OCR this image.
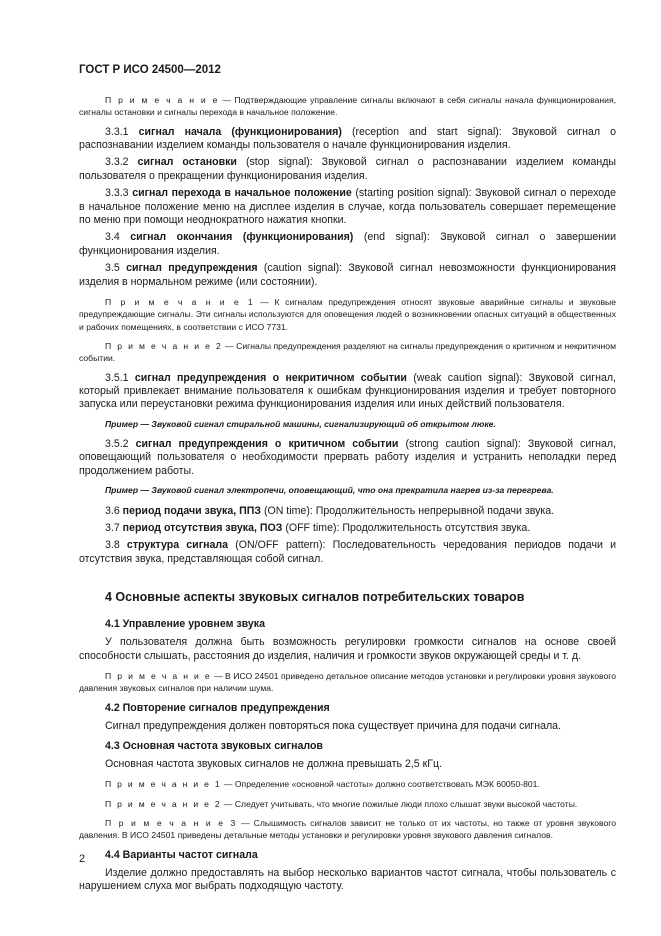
ГОСТ Р ИСО 24500—2012

П р и м е ч а н и е — Подтверждающие управление сигналы включают в себя сигналы начала функционирования, сигналы остановки и сигналы перехода в начальное положение.

3.3.1 сигнал начала (функционирования) (reception and start signal): Звуковой сигнал о распознавании изделием команды пользователя о начале функционирования изделия.

3.3.2 сигнал остановки (stop signal): Звуковой сигнал о распознавании изделием команды пользователя о прекращении функционирования изделия.

3.3.3 сигнал перехода в начальное положение (starting position signal): Звуковой сигнал о переходе в начальное положение меню на дисплее изделия в случае, когда пользователь совершает перемещение по меню при помощи неоднократного нажатия кнопки.

3.4 сигнал окончания (функционирования) (end signal): Звуковой сигнал о завершении функционирования изделия.

3.5 сигнал предупреждения (caution signal): Звуковой сигнал невозможности функционирования изделия в нормальном режиме (или состоянии).

П р и м е ч а н и е 1 — К сигналам предупреждения относят звуковые аварийные сигналы и звуковые предупреждающие сигналы. Эти сигналы используются для оповещения людей о возникновении опасных ситуаций в общественных и рабочих помещениях, в соответствии с ИСО 7731.

П р и м е ч а н и е 2 — Сигналы предупреждения разделяют на сигналы предупреждения о критичном и некритичном событии.

3.5.1 сигнал предупреждения о некритичном событии (weak caution signal): Звуковой сигнал, который привлекает внимание пользователя к ошибкам функционирования изделия и требует повторного запуска или переустановки режима функционирования изделия или иных действий пользователя.

Пример — Звуковой сигнал стиральной машины, сигнализирующий об открытом люке.

3.5.2 сигнал предупреждения о критичном событии (strong caution signal): Звуковой сигнал, оповещающий пользователя о необходимости прервать работу изделия и устранить неполадки перед продолжением работы.

Пример — Звуковой сигнал электропечи, оповещающий, что она прекратила нагрев из-за перегрева.

3.6 период подачи звука, ППЗ (ON time): Продолжительность непрерывной подачи звука.

3.7 период отсутствия звука, ПОЗ (OFF time): Продолжительность отсутствия звука.

3.8 структура сигнала (ON/OFF pattern): Последовательность чередования периодов подачи и отсутствия звука, представляющая собой сигнал.

4 Основные аспекты звуковых сигналов потребительских товаров
4.1 Управление уровнем звука

У пользователя должна быть возможность регулировки громкости сигналов на основе своей способности слышать, расстояния до изделия, наличия и громкости звуков окружающей среды и т. д.

П р и м е ч а н и е — В ИСО 24501 приведено детальное описание методов установки и регулировки уровня звукового давления звуковых сигналов при наличии шума.

4.2 Повторение сигналов предупреждения

Сигнал предупреждения должен повторяться пока существует причина для подачи сигнала.

4.3 Основная частота звуковых сигналов

Основная частота звуковых сигналов не должна превышать 2,5 кГц.

П р и м е ч а н и е 1 — Определение «основной частоты» должно соответствовать МЭК 60050-801.

П р и м е ч а н и е 2 — Следует учитывать, что многие пожилые люди плохо слышат звуки высокой частоты.

П р и м е ч а н и е 3 — Слышимость сигналов зависит не только от их частоты, но также от уровня звукового давления. В ИСО 24501 приведены детальные методы установки и регулировки уровня звукового давления сигналов.

4.4 Варианты частот сигнала

Изделие должно предоставлять на выбор несколько вариантов частот сигнала, чтобы пользователь с нарушением слуха мог выбрать подходящую частоту.

2
